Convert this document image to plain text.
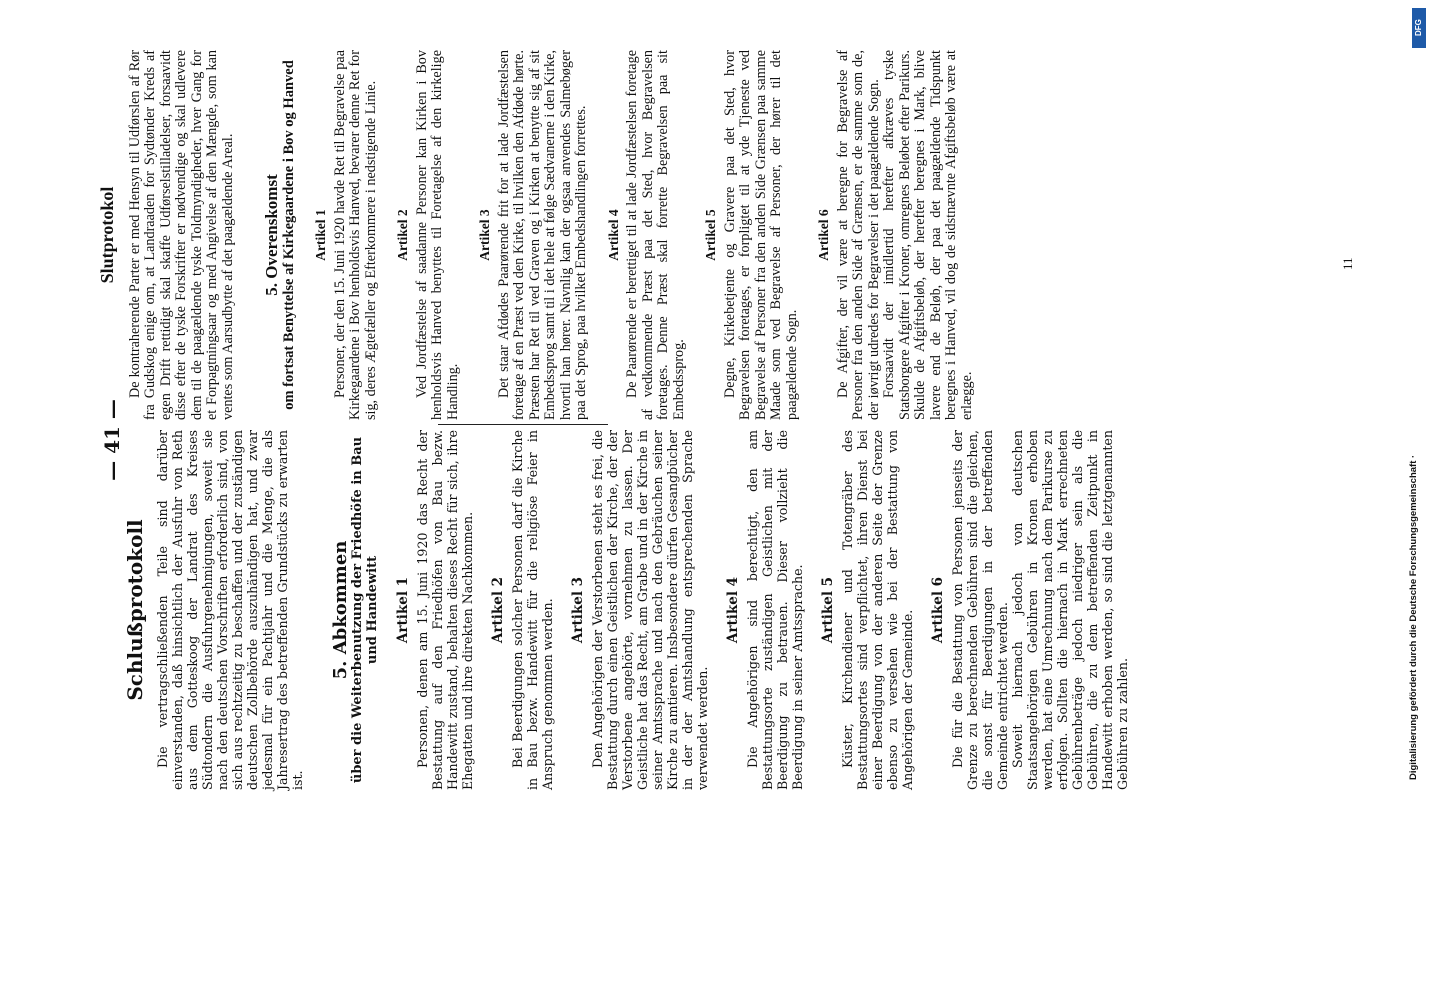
— 41 —
Schlußprotokoll Die vertragschließenden Teile sind darüber einverstanden, daß hinsichtlich der Ausfuhr von Reth aus dem Gotteskoog der Landrat des Kreises Südtondern die Ausfuhrgenehmigungen, soweit sie nach den deutschen Vorschriften erforderlich sind, von sich aus rechtzeitig zu beschaffen und der zuständigen deutschen Zollbehörde auszuhändigen hat, und zwar jedesmal für ein Pachtjahr und die Menge, die als Jahresertrag des betreffenden Grundstücks zu erwarten ist.

5. Abkommen über die Weiterbenutzung der Friedhöfe in Bau und Handewitt Artikel 1 Personen, denen am 15. Juni 1920 das Recht der Bestattung auf den Friedhöfen von Bau bezw. Handewitt zustand, behalten dieses Recht für sich, ihre Ehegatten und ihre direkten Nachkommen. Artikel 2 Bei Beerdigungen solcher Personen darf die Kirche in Bau bezw. Handewitt für die religiöse Feier in Anspruch genommen werden. Artikel 3 Den Angehörigen der Verstorbenen steht es frei, die Bestattung durch einen Geistlichen der Kirche, der der Verstorbene angehörte, vornehmen zu lassen. Der Geistliche hat das Recht, am Grabe und in der Kirche in seiner Amtssprache und nach den Gebräuchen seiner Kirche zu amtieren. Insbesondere dürfen Gesangbücher in der der Amtshandlung entsprechenden Sprache verwendet werden.

Artikel 4 Die Angehörigen sind berechtigt, den am Bestattungsorte zuständigen Geistlichen mit der Beerdigung zu betrauen. Dieser vollzieht die Beerdigung in seiner Amtssprache. Artikel 5 Küster, Kirchendiener und Totengräber des Bestattungsortes sind verpflichtet, ihren Dienst bei einer Beerdigung von der anderen Seite der Grenze ebenso zu versehen wie bei der Bestattung von Angehörigen der Gemeinde. Artikel 6 Die für die Bestattung von Personen jenseits der Grenze zu berechnenden Gebühren sind die gleichen, die sonst für Beerdigungen in der betreffenden Gemeinde entrichtet werden. Soweit hiernach jedoch von deutschen Staatsangehörigen Gebühren in Kronen erhoben werden, hat eine Umrechnung nach dem Parikurse zu erfolgen. Sollten die hiernach in Mark errechneten Gebührenbeträge jedoch niedriger sein als die Gebühren, die zu dem betreffenden Zeitpunkt in Handewitt erhoben werden, so sind die letztgenannten Gebühren zu zahlen.

Slutprotokol De kontraherende Parter er med Hensyn til Udførslen af Rør fra Gudskog enige om, at Landraaden for Sydtønder Kreds af egen Drift rettidigt skal skaffe Udførselstilladelser, forsaavidt disse efter de tyske Forskrifter er nødvendige og skal udlevere dem til de paagældende tyske Toldmyndigheder, hver Gang for et Forpagtningsaar og med Angivelse af den Mængde, som kan ventes som Aarsudbytte af det paagældende Areal. 5. Overenskomst om fortsat Benyttelse af Kirkegaardene i Bov og Hanved Artikel 1 Personer, der den 15. Juni 1920 havde Ret til Begravelse paa Kirkegaardene i Bov henholdsvis Hanved, bevarer denne Ret for sig, deres Ægtefæller og Efterkommere i nedstigende Linie. Artikel 2 Ved Jordfæstelse af saadanne Personer kan Kirken i Bov henholdsvis Hanved benyttes til Foretagelse af den kirkelige Handling.

Artikel 3 Det staar Afdødes Paarørende frit for at lade Jordfæstelsen foretage af en Præst ved den Kirke, til hvilken den Afdøde hørte. Præsten har Ret til ved Graven og i Kirken at benytte sig af sit Embedssprog samt til i det hele at følge Sædvanerne i den Kirke, hvortil han hører. Navnlig kan der ogsaa anvendes Salmebøger paa det Sprog, paa hvilket Embedshandlingen forrettes. Artikel 4 De Paarørende er berettiget til at lade Jordfæstelsen foretage af vedkommende Præst paa det Sted, hvor Begravelsen foretages. Denne Præst skal forrette Begravelsen paa sit Embedssprog.

Artikel 5 Degne, Kirkebetjente og Gravere paa det Sted, hvor Begravelsen foretages, er forpligtet til at yde Tjeneste ved Begravelse af Personer fra den anden Side Grænsen paa samme Maade som ved Begravelse af Personer, der hører til det paagældende Sogn.

Artikel 6 De Afgifter, der vil være at beregne for Begravelse af Personer fra den anden Side af Grænsen, er de samme som de, der iøvrigt udredes for Begravelser i det paagældende Sogn. Forsaavidt der imidlertid herefter afkræves tyske Statsborgere Afgifter i Kroner, omregnes Beløbet efter Parikurs. Skulde de Afgiftsbeløb, der herefter beregnes i Mark, blive lavere end de Beløb, der paa det paagældende Tidspunkt beregnes i Hanved, vil dog de sidstnævnte Afgiftsbeløb være at erlægge.

11
DFG
Digitalisierung gefördert durch die Deutsche Forschungsgemeinschaft ·
